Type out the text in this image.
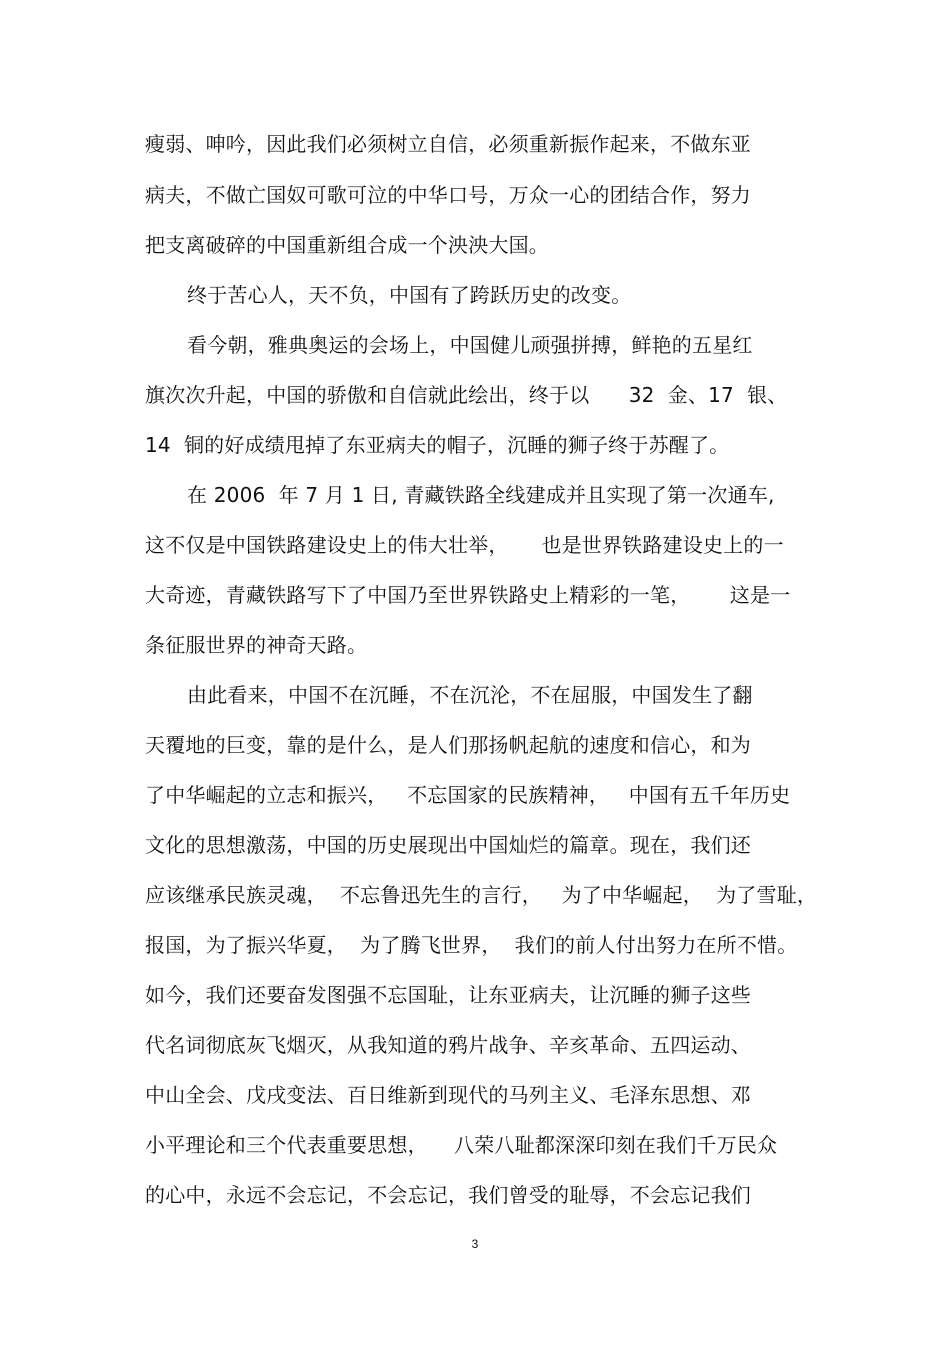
瘦弱、呻吟，因此我们必须树立自信，必须重新振作起来，不做东亚
病夫，不做亡国奴可歌可泣的中华口号，万众一心的团结合作，努力
把支离破碎的中国重新组合成一个泱泱大国。
终于苦心人，天不负，中国有了跨跃历史的改变。
看今朝，雅典奥运的会场上，中国健儿顽强拼搏，鲜艳的五星红
旗次次升起，中国的骄傲和自信就此绘出，终于以      32  金、17  银、
14  铜的好成绩甩掉了东亚病夫的帽子，沉睡的狮子终于苏醒了。
在 2006  年 7 月 1 日, 青藏铁路全线建成并且实现了第一次通车,
这不仅是中国铁路建设史上的伟大壮举，     也是世界铁路建设史上的一
大奇迹，青藏铁路写下了中国乃至世界铁路史上精彩的一笔，      这是一
条征服世界的神奇天路。
由此看来，中国不在沉睡，不在沉沦，不在屈服，中国发生了翻
天覆地的巨变，靠的是什么，是人们那扬帆起航的速度和信心，和为
了中华崛起的立志和振兴，   不忘国家的民族精神，   中国有五千年历史
文化的思想激荡，中国的历史展现出中国灿烂的篇章。现在，我们还
应该继承民族灵魂，  不忘鲁迅先生的言行，   为了中华崛起，  为了雪耻，
报国，为了振兴华夏，  为了腾飞世界，  我们的前人付出努力在所不惜。
如今，我们还要奋发图强不忘国耻，让东亚病夫，让沉睡的狮子这些
代名词彻底灰飞烟灭，从我知道的鸦片战争、辛亥革命、五四运动、
中山全会、戊戌变法、百日维新到现代的马列主义、毛泽东思想、邓
小平理论和三个代表重要思想，    八荣八耻都深深印刻在我们千万民众
的心中，永远不会忘记，不会忘记，我们曾受的耻辱，不会忘记我们
3
